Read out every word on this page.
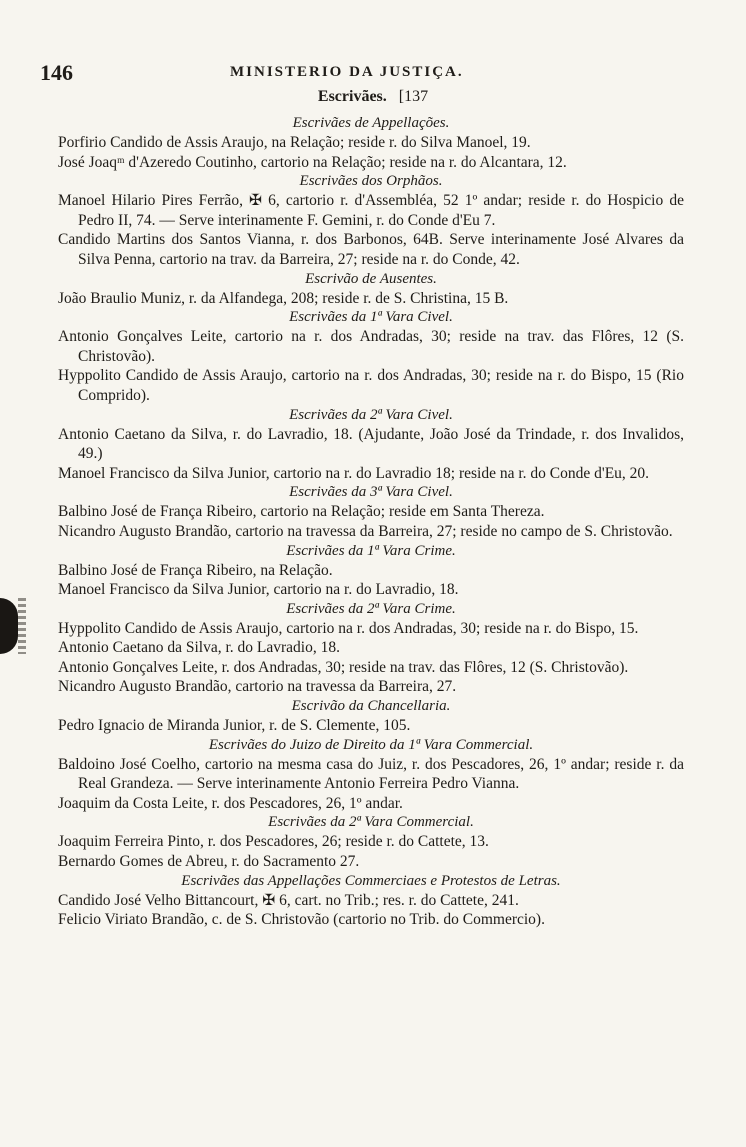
146	MINISTERIO DA JUSTIÇA.
Escrivães. [137

Escrivães de Appellações.

Porfirio Candido de Assis Araujo, na Relação; reside r. do Silva Manoel, 19.

José Joaqᵐ d'Azeredo Coutinho, cartorio na Relação; reside na r. do Alcantara, 12.

Escrivães dos Orphãos.

Manoel Hilario Pires Ferrão, ✠ 6, cartorio r. d'Assembléa, 52 1º andar; reside r. do Hospicio de Pedro II, 74. — Serve interinamente F. Gemini, r. do Conde d'Eu 7.

Candido Martins dos Santos Vianna, r. dos Barbonos, 64B. Serve interinamente José Alvares da Silva Penna, cartorio na trav. da Barreira, 27; reside na r. do Conde, 42.

Escrivão de Ausentes.

João Braulio Muniz, r. da Alfandega, 208; reside r. de S. Christina, 15 B.

Escrivães da 1ª Vara Civel.

Antonio Gonçalves Leite, cartorio na r. dos Andradas, 30; reside na trav. das Flôres, 12 (S. Christovão).

Hyppolito Candido de Assis Araujo, cartorio na r. dos Andradas, 30; reside na r. do Bispo, 15 (Rio Comprido).

Escrivães da 2ª Vara Civel.

Antonio Caetano da Silva, r. do Lavradio, 18. (Ajudante, João José da Trindade, r. dos Invalidos, 49.)

Manoel Francisco da Silva Junior, cartorio na r. do Lavradio 18; reside na r. do Conde d'Eu, 20.

Escrivães da 3ª Vara Civel.

Balbino José de França Ribeiro, cartorio na Relação; reside em Santa Thereza.

Nicandro Augusto Brandão, cartorio na travessa da Barreira, 27; reside no campo de S. Christovão.

Escrivães da 1ª Vara Crime.

Balbino José de França Ribeiro, na Relação.

Manoel Francisco da Silva Junior, cartorio na r. do Lavradio, 18.

Escrivães da 2ª Vara Crime.

Hyppolito Candido de Assis Araujo, cartorio na r. dos Andradas, 30; reside na r. do Bispo, 15.

Antonio Caetano da Silva, r. do Lavradio, 18.

Antonio Gonçalves Leite, r. dos Andradas, 30; reside na trav. das Flôres, 12 (S. Christovão).

Nicandro Augusto Brandão, cartorio na travessa da Barreira, 27.

Escrivão da Chancellaria.

Pedro Ignacio de Miranda Junior, r. de S. Clemente, 105.

Escrivães do Juizo de Direito da 1ª Vara Commercial.

Baldoino José Coelho, cartorio na mesma casa do Juiz, r. dos Pescadores, 26, 1º andar; reside r. da Real Grandeza. — Serve interinamente Antonio Ferreira Pedro Vianna.

Joaquim da Costa Leite, r. dos Pescadores, 26, 1º andar.

Escrivães da 2ª Vara Commercial.

Joaquim Ferreira Pinto, r. dos Pescadores, 26; reside r. do Cattete, 13.

Bernardo Gomes de Abreu, r. do Sacramento 27.

Escrivães das Appellações Commerciaes e Protestos de Letras.

Candido José Velho Bittancourt, ✠ 6, cart. no Trib.; res. r. do Cattete, 241.

Felicio Viriato Brandão, c. de S. Christovão (cartorio no Trib. do Commercio).
